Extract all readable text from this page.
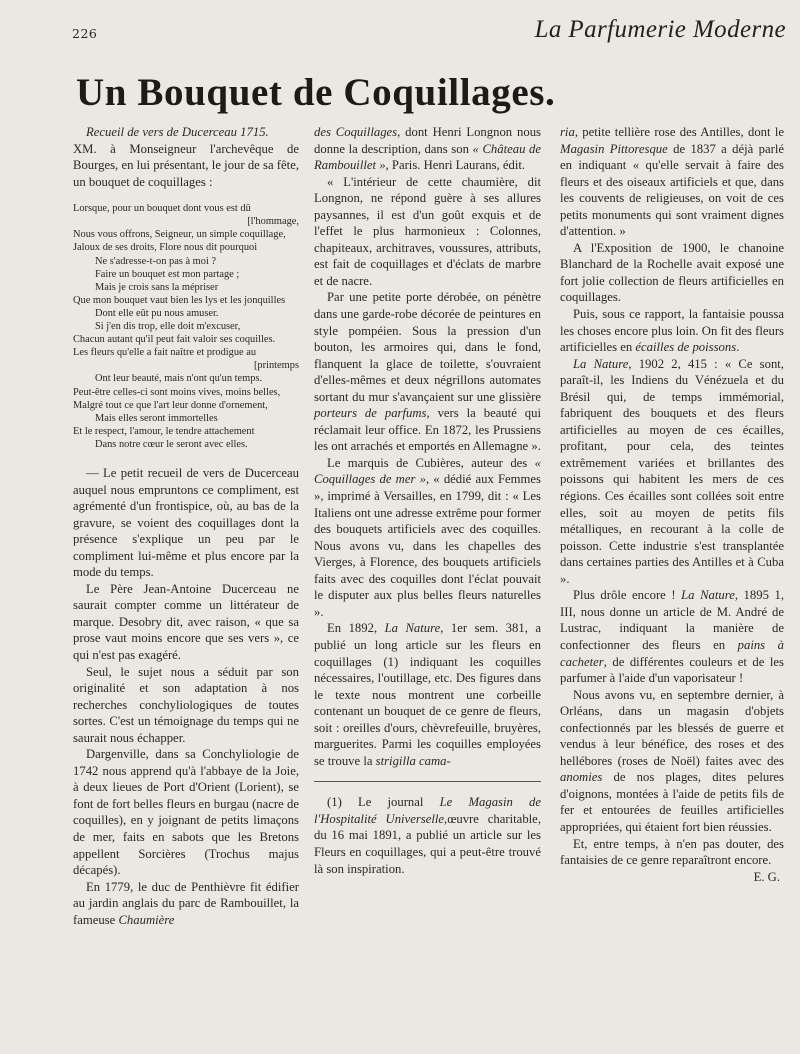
226	La Parfumerie Moderne
Un Bouquet de Coquillages.

Recueil de vers de Ducerceau 1715.

XM. à Monseigneur l'archevêque de Bourges, en lui présentant, le jour de sa fête, un bouquet de coquillages :

Lorsque, pour un bouquet dont vous est dû
[l'hommage,
Nous vous offrons, Seigneur, un simple coquillage,
Jaloux de ses droits, Flore nous dit pourquoi
Ne s'adresse-t-on pas à moi ?
Faire un bouquet est mon partage ;
Mais je crois sans la mépriser
Que mon bouquet vaut bien les lys et les jonquilles
Dont elle eût pu nous amuser.
Si j'en dis trop, elle doit m'excuser,
Chacun autant qu'il peut fait valoir ses coquilles.
Les fleurs qu'elle a fait naître et prodigue au
[printemps
Ont leur beauté, mais n'ont qu'un temps.
Peut-être celles-ci sont moins vives, moins belles,
Malgré tout ce que l'art leur donne d'ornement,
Mais elles seront immortelles
Et le respect, l'amour, le tendre attachement
Dans notre cœur le seront avec elles.

— Le petit recueil de vers de Ducerceau auquel nous empruntons ce compliment, est agrémenté d'un frontispice, où, au bas de la gravure, se voient des coquillages dont la présence s'explique un peu par le compliment lui-même et plus encore par la mode du temps.

Le Père Jean-Antoine Ducerceau ne saurait compter comme un littérateur de marque. Desobry dit, avec raison, « que sa prose vaut moins encore que ses vers », ce qui n'est pas exagéré.

Seul, le sujet nous a séduit par son originalité et son adaptation à nos recherches conchyliologiques de toutes sortes. C'est un témoignage du temps qui ne saurait nous échapper.

Dargenville, dans sa Conchyliologie de 1742 nous apprend qu'à l'abbaye de la Joie, à deux lieues de Port d'Orient (Lorient), se font de fort belles fleurs en burgau (nacre de coquilles), en y joignant de petits limaçons de mer, faits en sabots que les Bretons appellent Sorcières (Trochus majus décapés).

En 1779, le duc de Penthièvre fit édifier au jardin anglais du parc de Rambouillet, la fameuse Chaumière

des Coquillages, dont Henri Longnon nous donne la description, dans son « Château de Rambouillet », Paris. Henri Laurans, édit.

« L'intérieur de cette chaumière, dit Longnon, ne répond guère à ses allures paysannes, il est d'un goût exquis et de l'effet le plus harmonieux : Colonnes, chapiteaux, architraves, voussures, attributs, est fait de coquillages et d'éclats de marbre et de nacre.

Par une petite porte dérobée, on pénètre dans une garde-robe décorée de peintures en style pompéien. Sous la pression d'un bouton, les armoires qui, dans le fond, flanquent la glace de toilette, s'ouvraient d'elles-mêmes et deux négrillons automates sortant du mur s'avançaient sur une glissière porteurs de parfums, vers la beauté qui réclamait leur office. En 1872, les Prussiens les ont arrachés et emportés en Allemagne ».

Le marquis de Cubières, auteur des « Coquillages de mer », « dédié aux Femmes », imprimé à Versailles, en 1799, dit : « Les Italiens ont une adresse extrême pour former des bouquets artificiels avec des coquilles. Nous avons vu, dans les chapelles des Vierges, à Florence, des bouquets artificiels faits avec des coquilles dont l'éclat pouvait le disputer aux plus belles fleurs naturelles ».

En 1892, La Nature, 1er sem. 381, a publié un long article sur les fleurs en coquillages (1) indiquant les coquilles nécessaires, l'outillage, etc. Des figures dans le texte nous montrent une corbeille contenant un bouquet de ce genre de fleurs, soit : oreilles d'ours, chèvrefeuille, bruyères, marguerites. Parmi les coquilles employées se trouve la strigilla cama-

(1) Le journal Le Magasin de l'Hospitalité Universelle,œuvre charitable, du 16 mai 1891, a publié un article sur les Fleurs en coquillages, qui a peut-être trouvé là son inspiration.

ria, petite tellière rose des Antilles, dont le Magasin Pittoresque de 1837 a déjà parlé en indiquant « qu'elle servait à faire des fleurs et des oiseaux artificiels et que, dans les couvents de religieuses, on voit de ces petits monuments qui sont vraiment dignes d'attention. »

A l'Exposition de 1900, le chanoine Blanchard de la Rochelle avait exposé une fort jolie collection de fleurs artificielles en coquillages.

Puis, sous ce rapport, la fantaisie poussa les choses encore plus loin. On fit des fleurs artificielles en écailles de poissons.

La Nature, 1902 2, 415 : « Ce sont, paraît-il, les Indiens du Vénézuela et du Brésil qui, de temps immémorial, fabriquent des bouquets et des fleurs artificielles au moyen de ces écailles, profitant, pour cela, des teintes extrêmement variées et brillantes des poissons qui habitent les mers de ces régions. Ces écailles sont collées soit entre elles, soit au moyen de petits fils métalliques, en recourant à la colle de poisson. Cette industrie s'est transplantée dans certaines parties des Antilles et à Cuba ».

Plus drôle encore ! La Nature, 1895 1, III, nous donne un article de M. André de Lustrac, indiquant la manière de confectionner des fleurs en pains à cacheter, de différentes couleurs et de les parfumer à l'aide d'un vaporisateur !

Nous avons vu, en septembre dernier, à Orléans, dans un magasin d'objets confectionnés par les blessés de guerre et vendus à leur bénéfice, des roses et des hellébores (roses de Noël) faites avec des anomies de nos plages, dites pelures d'oignons, montées à l'aide de petits fils de fer et entourées de feuilles artificielles appropriées, qui étaient fort bien réussies.

Et, entre temps, à n'en pas douter, des fantaisies de ce genre reparaîtront encore.

E. G.
